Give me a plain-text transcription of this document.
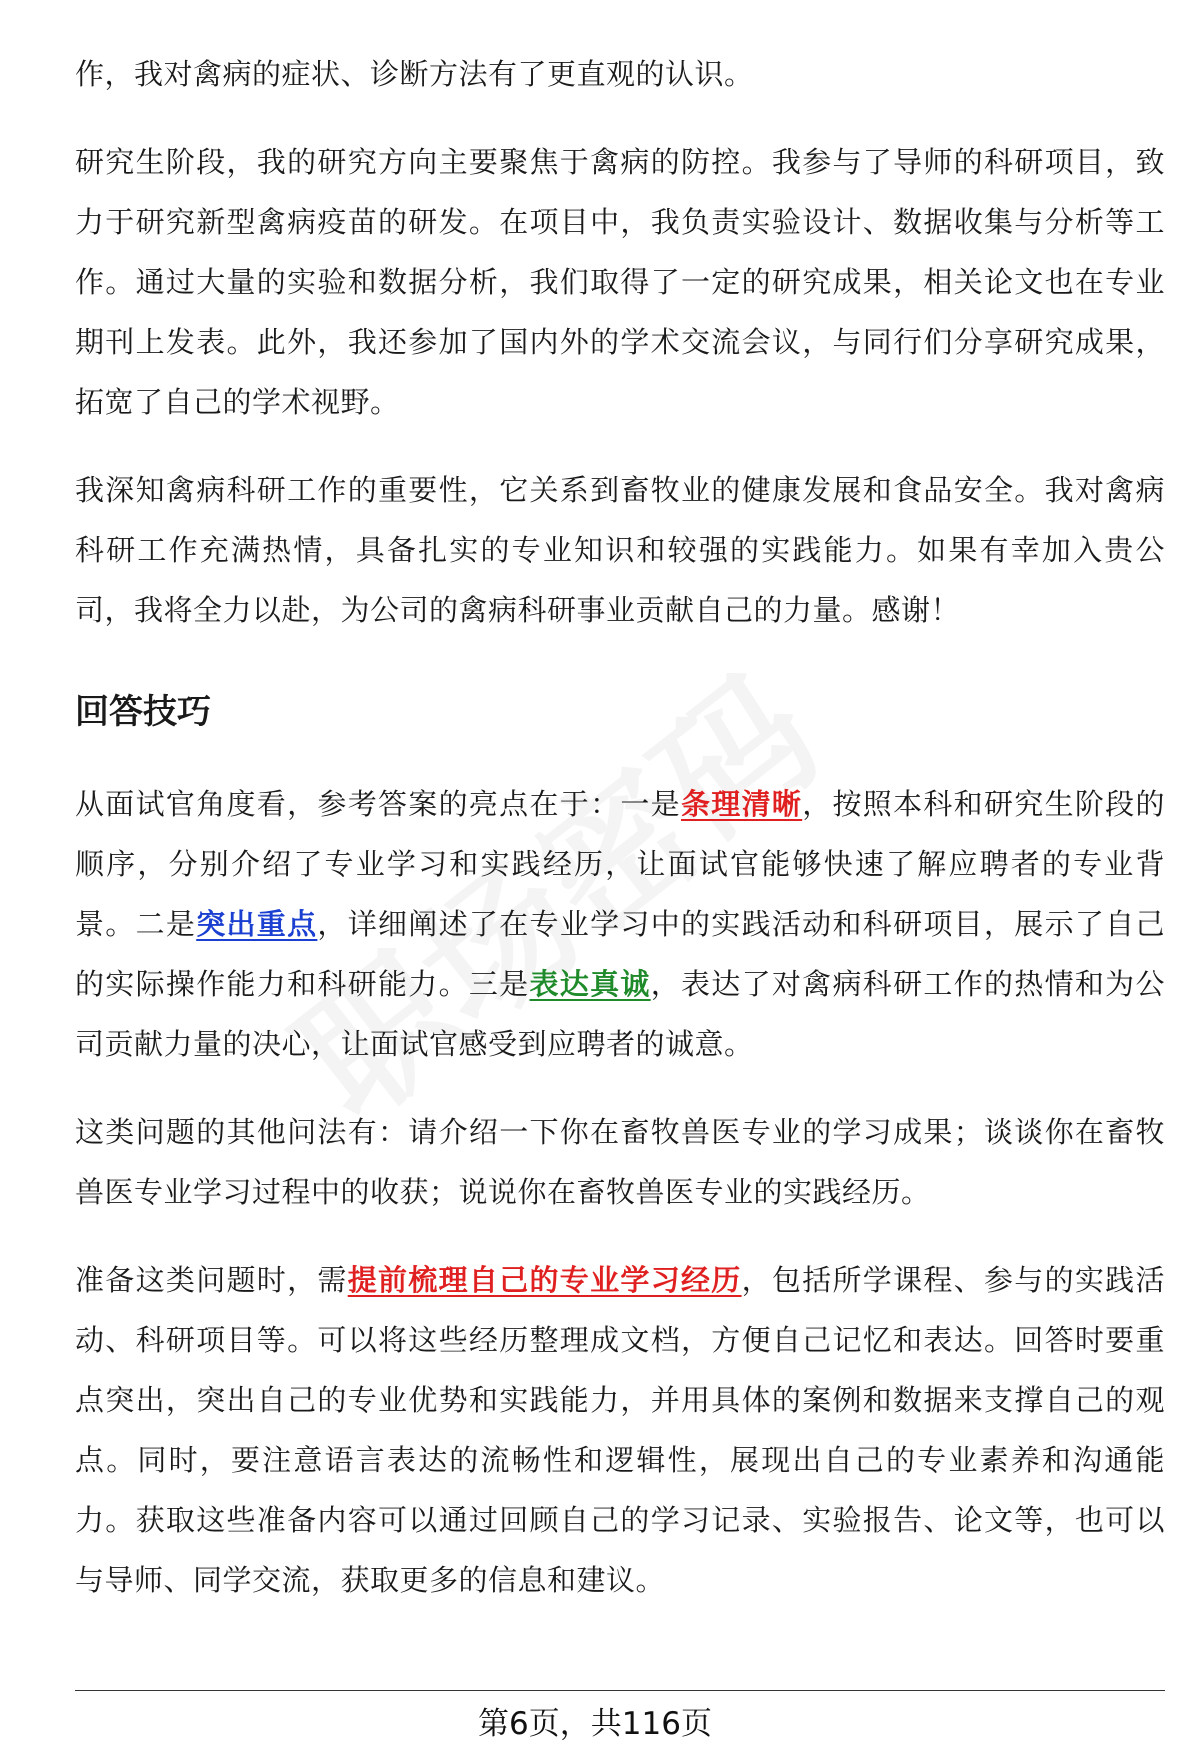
作，我对禽病的症状、诊断方法有了更直观的认识。

研究生阶段，我的研究方向主要聚焦于禽病的防控。我参与了导师的科研项目，致力于研究新型禽病疫苗的研发。在项目中，我负责实验设计、数据收集与分析等工作。通过大量的实验和数据分析，我们取得了一定的研究成果，相关论文也在专业期刊上发表。此外，我还参加了国内外的学术交流会议，与同行们分享研究成果，拓宽了自己的学术视野。

我深知禽病科研工作的重要性，它关系到畜牧业的健康发展和食品安全。我对禽病科研工作充满热情，具备扎实的专业知识和较强的实践能力。如果有幸加入贵公司，我将全力以赴，为公司的禽病科研事业贡献自己的力量。感谢！

回答技巧

从面试官角度看，参考答案的亮点在于：一是条理清晰，按照本科和研究生阶段的顺序，分别介绍了专业学习和实践经历，让面试官能够快速了解应聘者的专业背景。二是突出重点，详细阐述了在专业学习中的实践活动和科研项目，展示了自己的实际操作能力和科研能力。三是表达真诚，表达了对禽病科研工作的热情和为公司贡献力量的决心，让面试官感受到应聘者的诚意。

这类问题的其他问法有：请介绍一下你在畜牧兽医专业的学习成果；谈谈你在畜牧兽医专业学习过程中的收获；说说你在畜牧兽医专业的实践经历。

准备这类问题时，需提前梳理自己的专业学习经历，包括所学课程、参与的实践活动、科研项目等。可以将这些经历整理成文档，方便自己记忆和表达。回答时要重点突出，突出自己的专业优势和实践能力，并用具体的案例和数据来支撑自己的观点。同时，要注意语言表达的流畅性和逻辑性，展现出自己的专业素养和沟通能力。获取这些准备内容可以通过回顾自己的学习记录、实验报告、论文等，也可以与导师、同学交流，获取更多的信息和建议。

第6页，共116页
